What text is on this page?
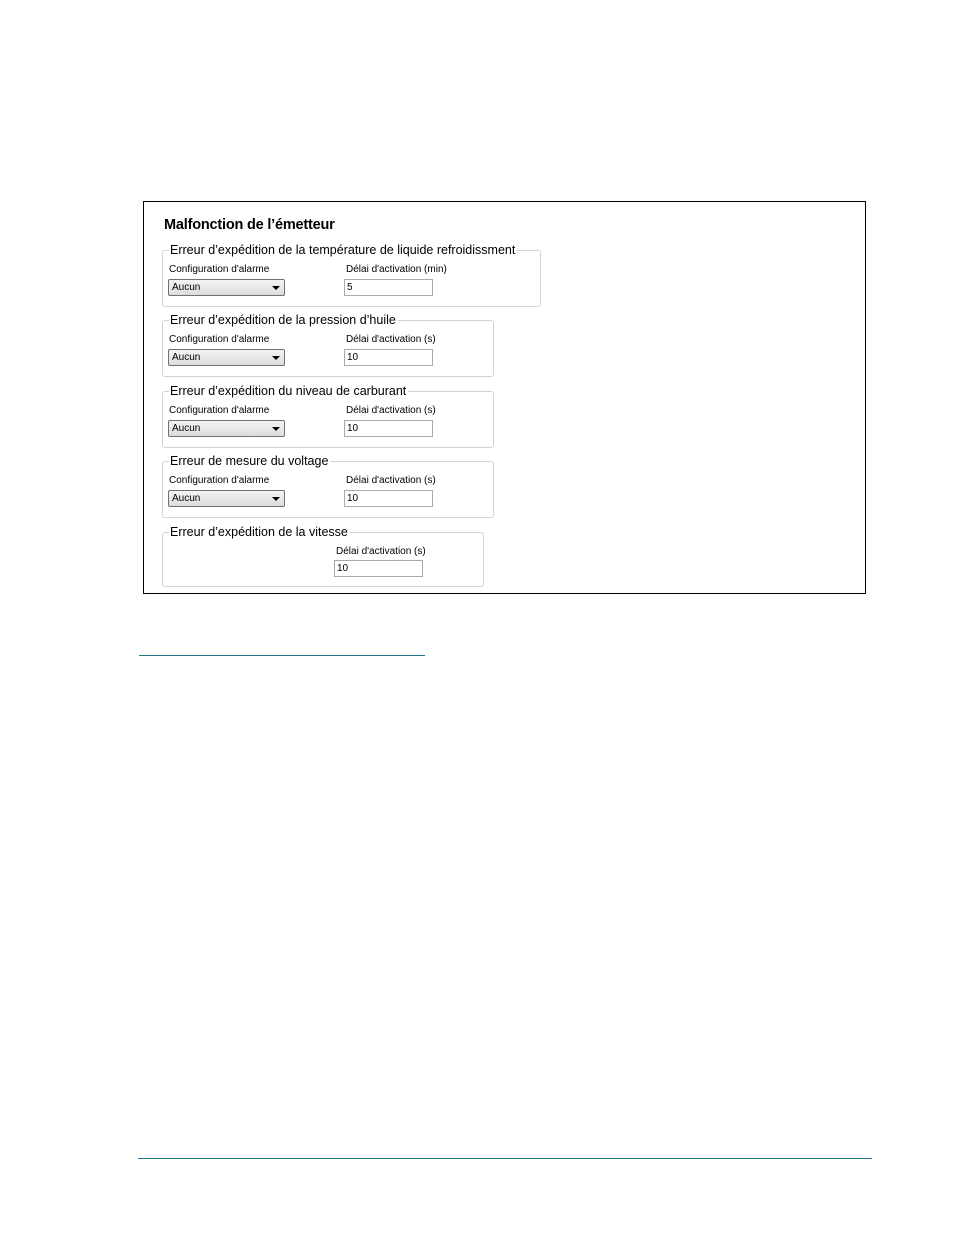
Malfonction de l’émetteur
Erreur d’expédition de la température de liquide refroidissment
Configuration d'alarme	Délai d'activation (min)
Aucun	5
Erreur d’expédition de la pression d’huile
Configuration d'alarme	Délai d'activation (s)
Aucun	10
Erreur d’expédition du niveau de carburant
Configuration d'alarme	Délai d'activation (s)
Aucun	10
Erreur de mesure du voltage
Configuration d'alarme	Délai d'activation (s)
Aucun	10
Erreur d’expédition de la vitesse
Délai d'activation (s)
10
